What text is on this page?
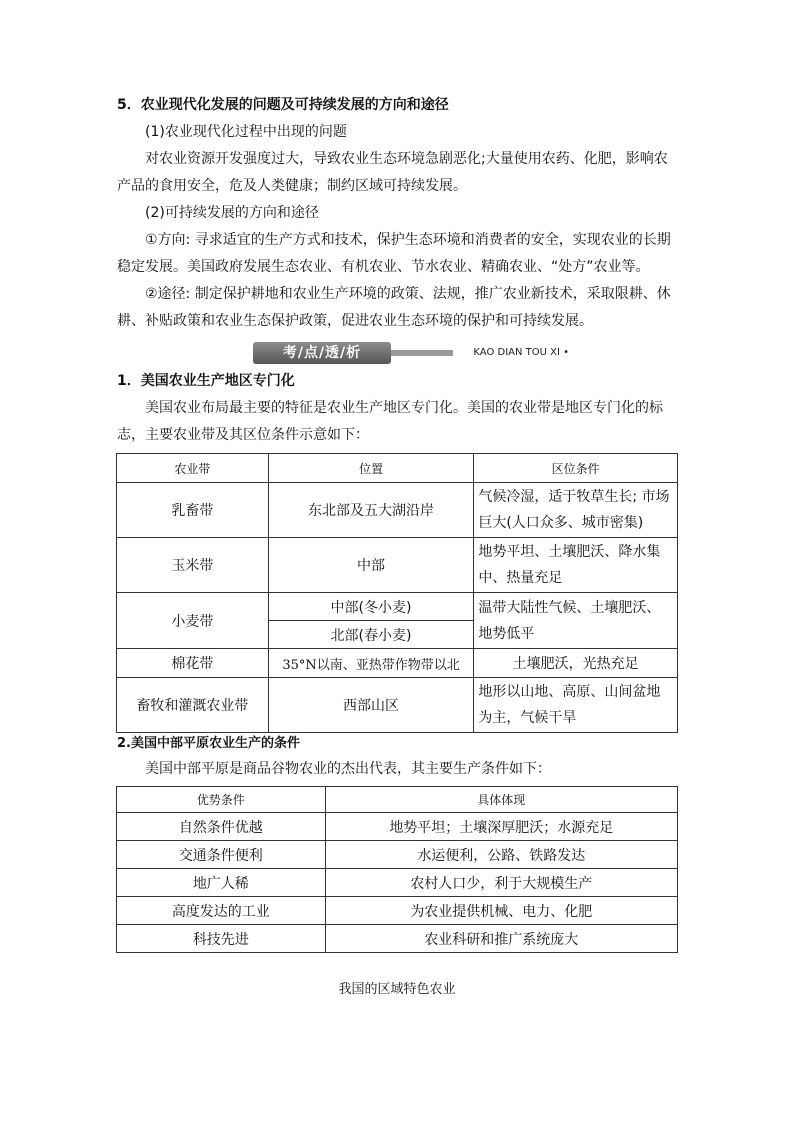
5．农业现代化发展的问题及可持续发展的方向和途径

(1)农业现代化过程中出现的问题

对农业资源开发强度过大，导致农业生态环境急剧恶化;大量使用农药、化肥，影响农产品的食用安全，危及人类健康；制约区域可持续发展。

(2)可持续发展的方向和途径

①方向: 寻求适宜的生产方式和技术，保护生态环境和消费者的安全，实现农业的长期稳定发展。美国政府发展生态农业、有机农业、节水农业、精确农业、“处方”农业等。

②途径: 制定保护耕地和农业生产环境的政策、法规，推广农业新技术，采取限耕、休耕、补贴政策和农业生态保护政策，促进农业生态环境的保护和可持续发展。

考/点/透/析	KAO DIAN TOU XI •

1．美国农业生产地区专门化

美国农业布局最主要的特征是农业生产地区专门化。美国的农业带是地区专门化的标志，主要农业带及其区位条件示意如下：

农业带	位置	区位条件
乳畜带	东北部及五大湖沿岸	气候冷湿，适于牧草生长; 市场巨大(人口众多、城市密集)
玉米带	中部	地势平坦、土壤肥沃、降水集中、热量充足
小麦带	中部(冬小麦)	温带大陆性气候、土壤肥沃、地势低平
	北部(春小麦)	
棉花带	35°N以南、亚热带作物带以北	土壤肥沃，光热充足
畜牧和灌溉农业带	西部山区	地形以山地、高原、山间盆地为主，气候干旱

2.美国中部平原农业生产的条件

美国中部平原是商品谷物农业的杰出代表，其主要生产条件如下：

优势条件	具体体现
自然条件优越	地势平坦；土壤深厚肥沃；水源充足
交通条件便利	水运便利，公路、铁路发达
地广人稀	农村人口少，利于大规模生产
高度发达的工业	为农业提供机械、电力、化肥
科技先进	农业科研和推广系统庞大
我国的区域特色农业
